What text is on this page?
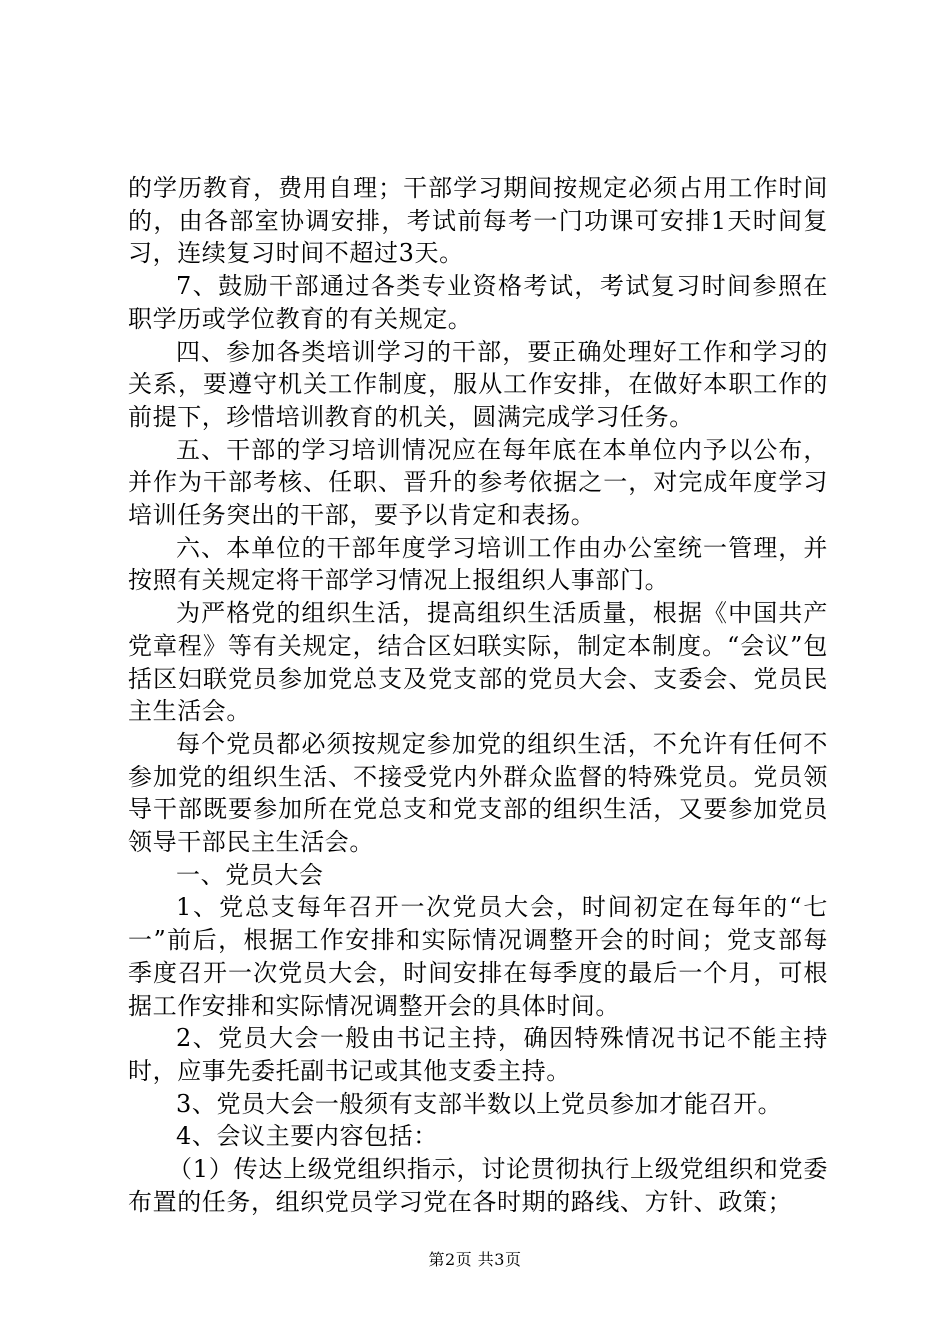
的学历教育，费用自理；干部学习期间按规定必须占用工作时间的，由各部室协调安排，考试前每考一门功课可安排1天时间复习，连续复习时间不超过3天。

7、鼓励干部通过各类专业资格考试，考试复习时间参照在职学历或学位教育的有关规定。

四、参加各类培训学习的干部，要正确处理好工作和学习的关系，要遵守机关工作制度，服从工作安排，在做好本职工作的前提下，珍惜培训教育的机关，圆满完成学习任务。

五、干部的学习培训情况应在每年底在本单位内予以公布，并作为干部考核、任职、晋升的参考依据之一，对完成年度学习培训任务突出的干部，要予以肯定和表扬。

六、本单位的干部年度学习培训工作由办公室统一管理，并按照有关规定将干部学习情况上报组织人事部门。

为严格党的组织生活，提高组织生活质量，根据《中国共产党章程》等有关规定，结合区妇联实际，制定本制度。“会议”包括区妇联党员参加党总支及党支部的党员大会、支委会、党员民主生活会。

每个党员都必须按规定参加党的组织生活，不允许有任何不参加党的组织生活、不接受党内外群众监督的特殊党员。党员领导干部既要参加所在党总支和党支部的组织生活，又要参加党员领导干部民主生活会。

一、党员大会

1、党总支每年召开一次党员大会，时间初定在每年的“七一”前后，根据工作安排和实际情况调整开会的时间；党支部每季度召开一次党员大会，时间安排在每季度的最后一个月，可根据工作安排和实际情况调整开会的具体时间。

2、党员大会一般由书记主持，确因特殊情况书记不能主持时，应事先委托副书记或其他支委主持。

3、党员大会一般须有支部半数以上党员参加才能召开。

4、会议主要内容包括：

（1）传达上级党组织指示，讨论贯彻执行上级党组织和党委布置的任务，组织党员学习党在各时期的路线、方针、政策；

第2页 共3页
